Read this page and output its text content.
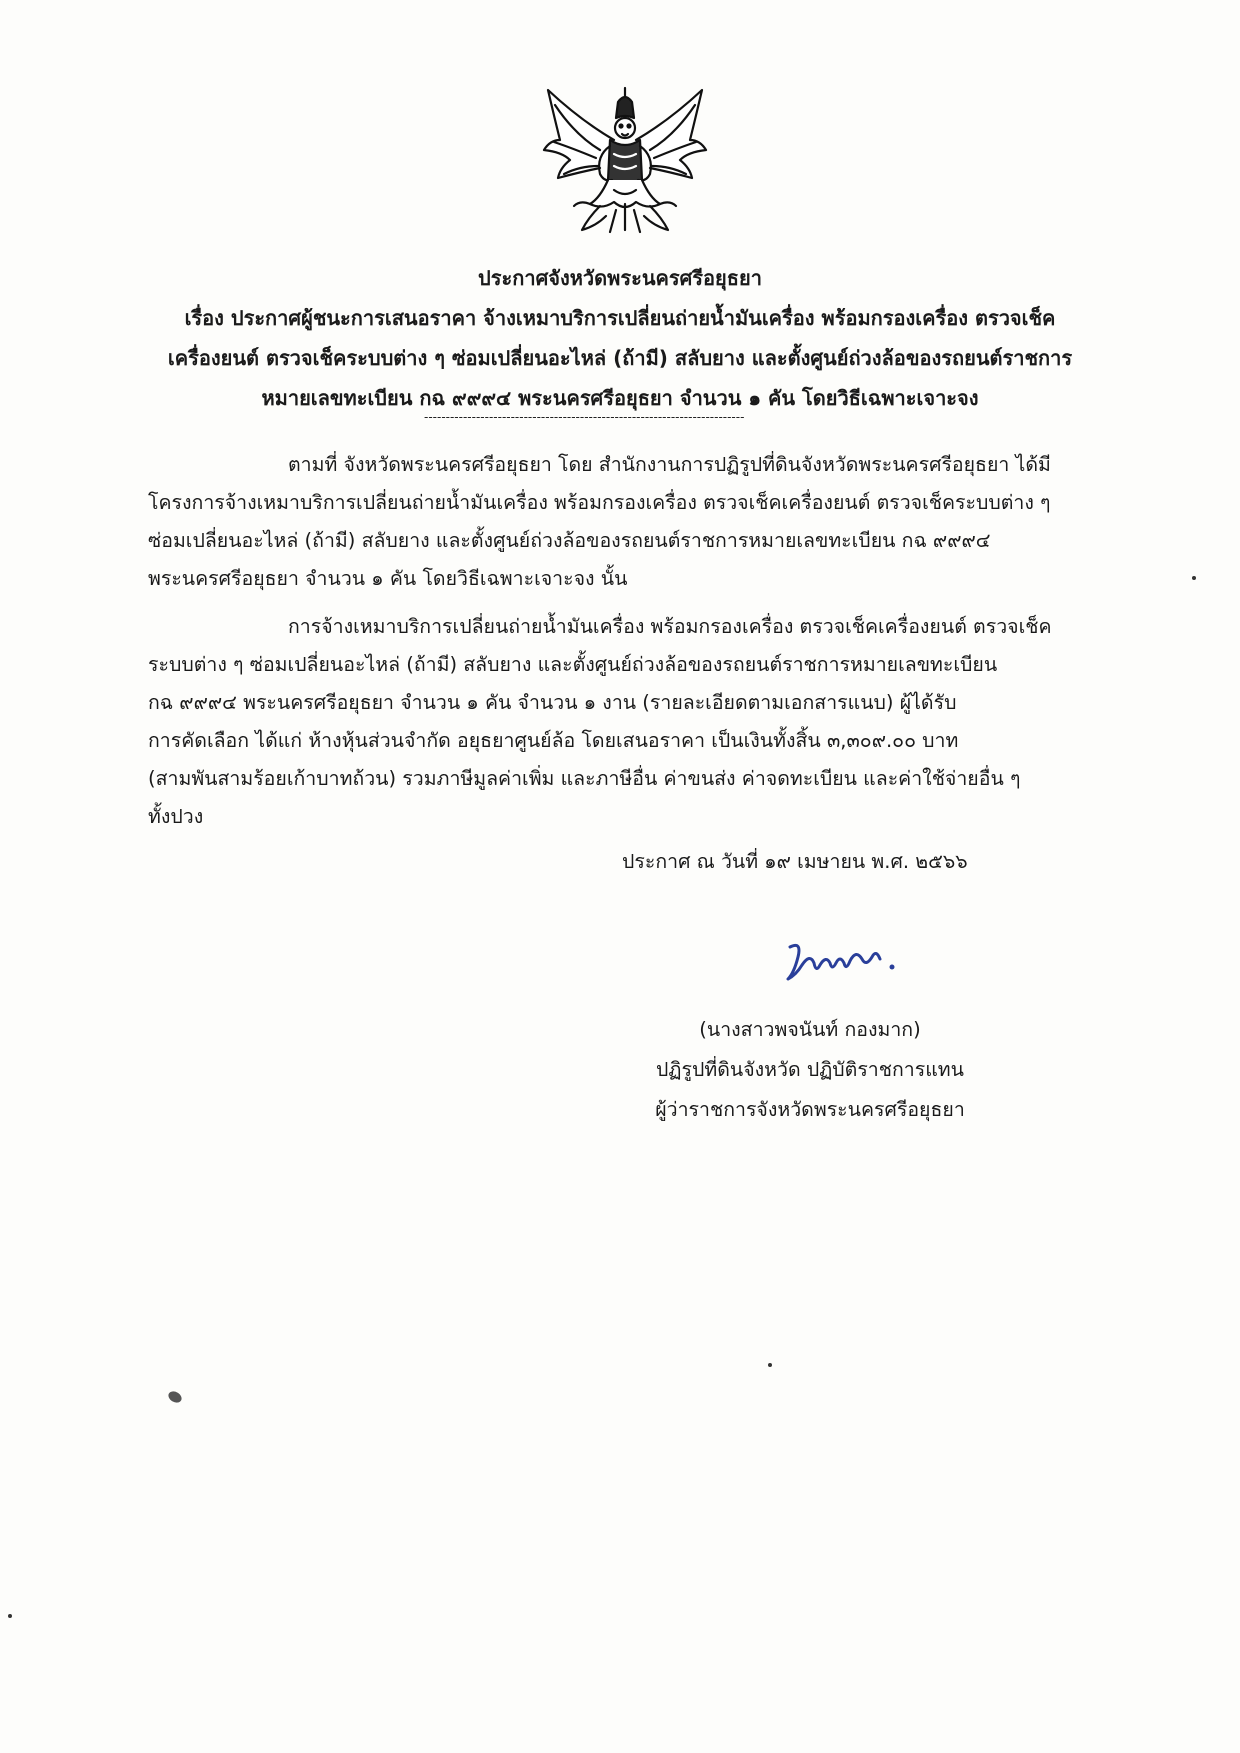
ประกาศจังหวัดพระนครศรีอยุธยา
เรื่อง ประกาศผู้ชนะการเสนอราคา จ้างเหมาบริการเปลี่ยนถ่ายน้ำมันเครื่อง พร้อมกรองเครื่อง ตรวจเช็ค
เครื่องยนต์ ตรวจเช็คระบบต่าง ๆ ซ่อมเปลี่ยนอะไหล่ (ถ้ามี) สลับยาง และตั้งศูนย์ถ่วงล้อของรถยนต์ราชการ
หมายเลขทะเบียน กฉ ๙๙๙๔ พระนครศรีอยุธยา จำนวน ๑ คัน โดยวิธีเฉพาะเจาะจง
--------------------------------------------------------------------------
ตามที่ จังหวัดพระนครศรีอยุธยา โดย สำนักงานการปฏิรูปที่ดินจังหวัดพระนครศรีอยุธยา ได้มี
โครงการจ้างเหมาบริการเปลี่ยนถ่ายน้ำมันเครื่อง พร้อมกรองเครื่อง ตรวจเช็คเครื่องยนต์ ตรวจเช็คระบบต่าง ๆ
ซ่อมเปลี่ยนอะไหล่ (ถ้ามี) สลับยาง และตั้งศูนย์ถ่วงล้อของรถยนต์ราชการหมายเลขทะเบียน กฉ ๙๙๙๔
พระนครศรีอยุธยา จำนวน ๑ คัน โดยวิธีเฉพาะเจาะจง นั้น
การจ้างเหมาบริการเปลี่ยนถ่ายน้ำมันเครื่อง พร้อมกรองเครื่อง ตรวจเช็คเครื่องยนต์ ตรวจเช็ค
ระบบต่าง ๆ ซ่อมเปลี่ยนอะไหล่ (ถ้ามี) สลับยาง และตั้งศูนย์ถ่วงล้อของรถยนต์ราชการหมายเลขทะเบียน
กฉ ๙๙๙๔ พระนครศรีอยุธยา จำนวน ๑ คัน จำนวน ๑ งาน (รายละเอียดตามเอกสารแนบ) ผู้ได้รับ
การคัดเลือก ได้แก่ ห้างหุ้นส่วนจำกัด อยุธยาศูนย์ล้อ โดยเสนอราคา เป็นเงินทั้งสิ้น ๓,๓๐๙.๐๐ บาท
(สามพันสามร้อยเก้าบาทถ้วน) รวมภาษีมูลค่าเพิ่ม และภาษีอื่น ค่าขนส่ง ค่าจดทะเบียน และค่าใช้จ่ายอื่น ๆ
ทั้งปวง
ประกาศ ณ วันที่ ๑๙ เมษายน พ.ศ. ๒๕๖๖
(นางสาวพจนันท์ กองมาก)
ปฏิรูปที่ดินจังหวัด ปฏิบัติราชการแทน
ผู้ว่าราชการจังหวัดพระนครศรีอยุธยา
